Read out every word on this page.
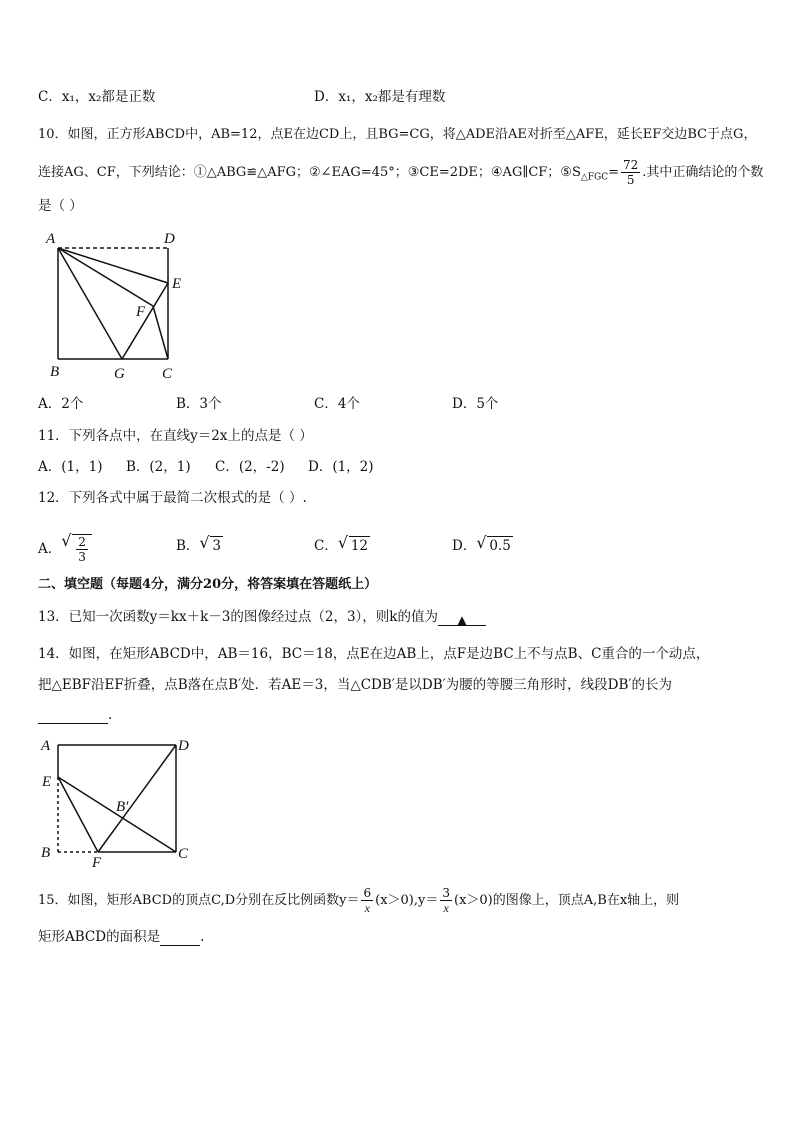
C．x₁，x₂都是正数	D．x₁，x₂都是有理数
10．如图，正方形ABCD中，AB=12，点E在边CD上，且BG=CG，将△ADE沿AE对折至△AFE，延长EF交边BC于点G，
连接AG、CF，下列结论：①△ABG≌△AFG；②∠EAG=45°；③CE=2DE；④AG∥CF；$⑤S_{\triangle FGC}= \frac{72}{5}$ .其中正确结论的个数
是（ ）
A	D
E
F
B	G C
A．2个	B．3个	C．4个	D．5个
11．下列各点中，在直线y＝2x上的点是（ ）
A．(1，1) B．(2，1) C．(2，-2) D．(1，2)
12．下列各式中属于最简二次根式的是（ ）.
A． √ $\frac{2}{3}$	B． √ 3	C． √ 12	D． √ 0.5
二、填空题（每题4分，满分20分，将答案填在答题纸上）
13．已知一次函数y＝kx＋k－3的图像经过点（2，3），则k的值为 ▲
14．如图，在矩形ABCD中，AB＝16，BC＝18，点E在边AB上，点F是边BC上不与点B、C重合的一个动点，
把△EBF沿EF折叠，点B落在点B′处．若AE＝3，当△CDB′是以DB′为腰的等腰三角形时，线段DB′的长为
.
A	D
E
B′
B
F
C
15．如图，矩形ABCD的顶点C,D分别在反比例函数$y= \frac{6}{x} (x>0),y= \frac{3}{x} (x>0)$的图像上，顶点A,B在x轴上，则
矩形ABCD的面积是	.
